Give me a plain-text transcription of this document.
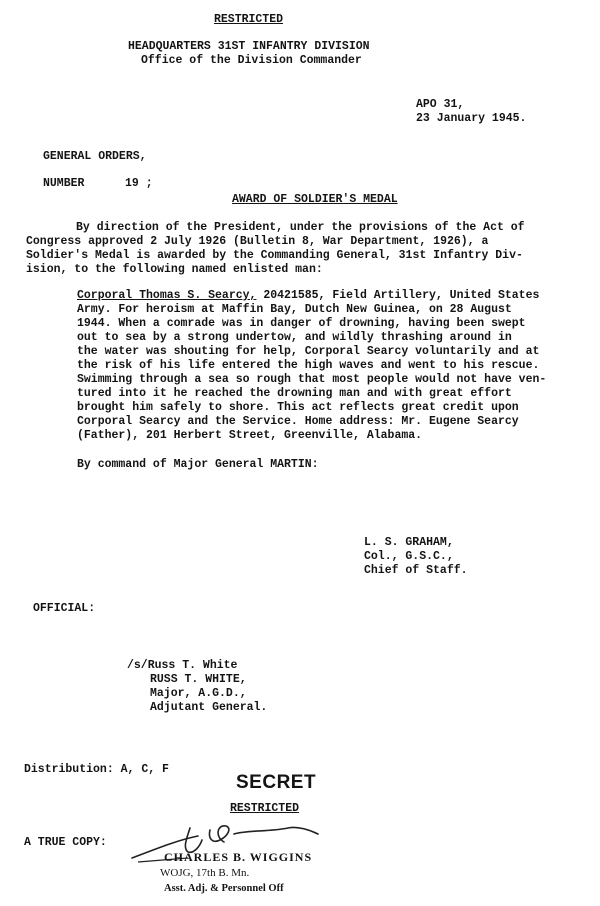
RESTRICTED
HEADQUARTERS 31ST INFANTRY DIVISION
Office of the Division Commander
APO 31,
23 January 1945.
GENERAL ORDERS,
NUMBER	19 ;
AWARD OF SOLDIER'S MEDAL
By direction of the President, under the provisions of the Act of
Congress approved 2 July 1926 (Bulletin 8, War Department, 1926), a
Soldier's Medal is awarded by the Commanding General, 31st Infantry Div-
ision, to the following named enlisted man:
Corporal Thomas S. Searcy, 20421585, Field Artillery, United States
Army. For heroism at Maffin Bay, Dutch New Guinea, on 28 August
1944. When a comrade was in danger of drowning, having been swept
out to sea by a strong undertow, and wildly thrashing around in
the water was shouting for help, Corporal Searcy voluntarily and at
the risk of his life entered the high waves and went to his rescue.
Swimming through a sea so rough that most people would not have ven-
tured into it he reached the drowning man and with great effort
brought him safely to shore. This act reflects great credit upon
Corporal Searcy and the Service. Home address: Mr. Eugene Searcy
(Father), 201 Herbert Street, Greenville, Alabama.
By command of Major General MARTIN:
L. S. GRAHAM,
Col., G.S.C.,
Chief of Staff.
OFFICIAL:
/s/Russ T. White
RUSS T. WHITE,
Major, A.G.D.,
Adjutant General.
Distribution: A, C, F
SECRET
RESTRICTED
A TRUE COPY:
CHARLES B. WIGGINS
WOJG, 17th B. Mn.
Asst. Adj. & Personnel Off
